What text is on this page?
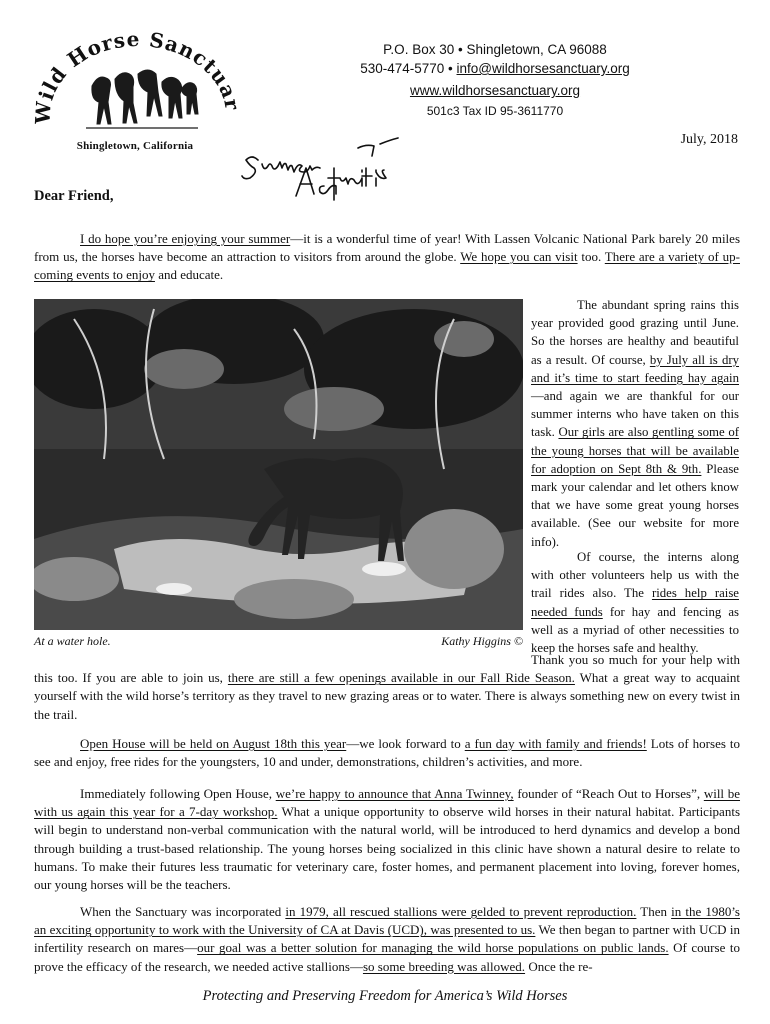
Wild Horse Sanctua
Shingletown, California
P.O. Box 30 • Shingletown, CA 96088
530-474-5770 • info@wildhorsesanctuary.org
www.wildhorsesanctuary.org
501c3 Tax ID 95-3611770
July, 2018
Dear Friend,

I do hope you’re enjoying your summer—it is a wonderful time of year! With Lassen Volcanic National Park barely 20 miles from us, the horses have become an attraction to visitors from around the globe. We hope you can visit too. There are a variety of up-coming events to enjoy and educate.

At a water hole.	Kathy Higgins ©

The abundant spring rains this year provided good grazing until June. So the horses are healthy and beautiful as a result. Of course, by July all is dry and it’s time to start feeding hay again—and again we are thankful for our summer interns who have taken on this task. Our girls are also gentling some of the young horses that will be available for adoption on Sept 8th & 9th. Please mark your calendar and let others know that we have some great young horses available. (See our website for more info).

Of course, the interns along with other volunteers help us with the trail rides also. The rides help raise needed funds for hay and fencing as well as a myriad of other necessities to keep the horses safe and healthy.

Thank you so much for your help with this too. If you are able to join us, there are still a few openings available in our Fall Ride Season. What a great way to acquaint yourself with the wild horse’s territory as they travel to new grazing areas or to water. There is always something new on every twist in the trail.

Open House will be held on August 18th this year—we look forward to a fun day with family and friends! Lots of horses to see and enjoy, free rides for the youngsters, 10 and under, demonstrations, children’s activities, and more.

Immediately following Open House, we’re happy to announce that Anna Twinney, founder of “Reach Out to Horses”, will be with us again this year for a 7-day workshop. What a unique opportunity to observe wild horses in their natural habitat. Participants will begin to understand non-verbal communication with the natural world, will be introduced to herd dynamics and develop a bond through building a trust-based relationship. The young horses being socialized in this clinic have shown a natural desire to relate to humans. To make their futures less traumatic for veterinary care, foster homes, and permanent placement into loving, forever homes, our young horses will be the teachers.

When the Sanctuary was incorporated in 1979, all rescued stallions were gelded to prevent reproduction. Then in the 1980’s an exciting opportunity to work with the University of CA at Davis (UCD), was presented to us. We then began to partner with UCD in infertility research on mares—our goal was a better solution for managing the wild horse populations on public lands. Of course to prove the efficacy of the research, we needed active stallions—so some breeding was allowed. Once the re-

Protecting and Preserving Freedom for America’s Wild Horses
